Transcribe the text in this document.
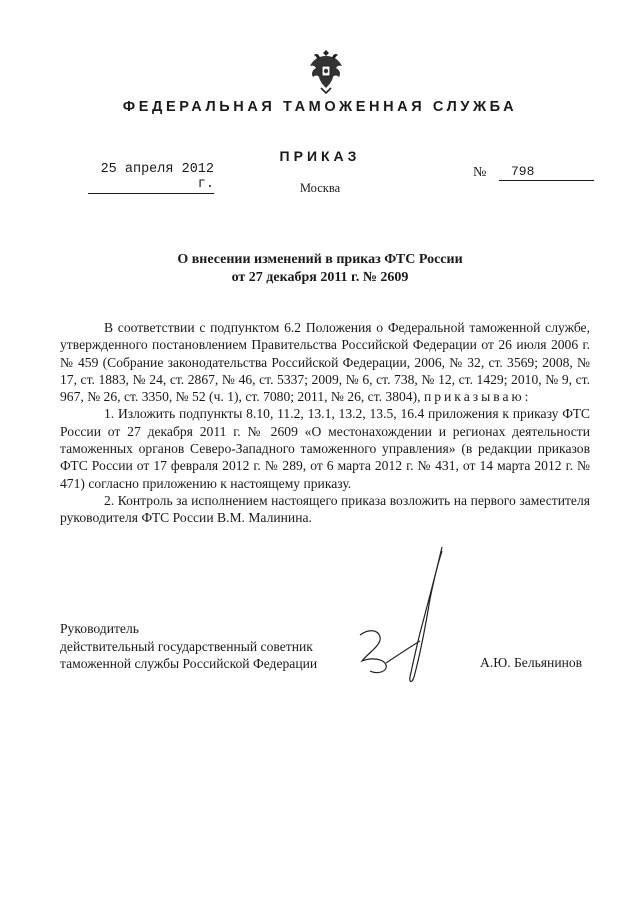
ФЕДЕРАЛЬНАЯ ТАМОЖЕННАЯ СЛУЖБА
ПРИКАЗ
25 апреля 2012 г.
№	798
Москва
О внесении изменений в приказ ФТС России
от 27 декабря 2011 г. № 2609

В соответствии с подпунктом 6.2 Положения о Федеральной таможенной службе, утвержденного постановлением Правительства Российской Федерации от 26 июля 2006 г. № 459 (Собрание законодательства Российской Федерации, 2006, № 32, ст. 3569; 2008, № 17, ст. 1883, № 24, ст. 2867, № 46, ст. 5337; 2009, № 6, ст. 738, № 12, ст. 1429; 2010, № 9, ст. 967, № 26, ст. 3350, № 52 (ч. 1), ст. 7080; 2011, № 26, ст. 3804), приказываю:

1. Изложить подпункты 8.10, 11.2, 13.1, 13.2, 13.5, 16.4 приложения к приказу ФТС России от 27 декабря 2011 г. № 2609 «О местонахождении и регионах деятельности таможенных органов Северо-Западного таможенного управления» (в редакции приказов ФТС России от 17 февраля 2012 г. № 289, от 6 марта 2012 г. № 431, от 14 марта 2012 г. № 471) согласно приложению к настоящему приказу.

2. Контроль за исполнением настоящего приказа возложить на первого заместителя руководителя ФТС России В.М. Малинина.

Руководитель
действительный государственный советник
таможенной службы Российской Федерации	А.Ю. Бельянинов
